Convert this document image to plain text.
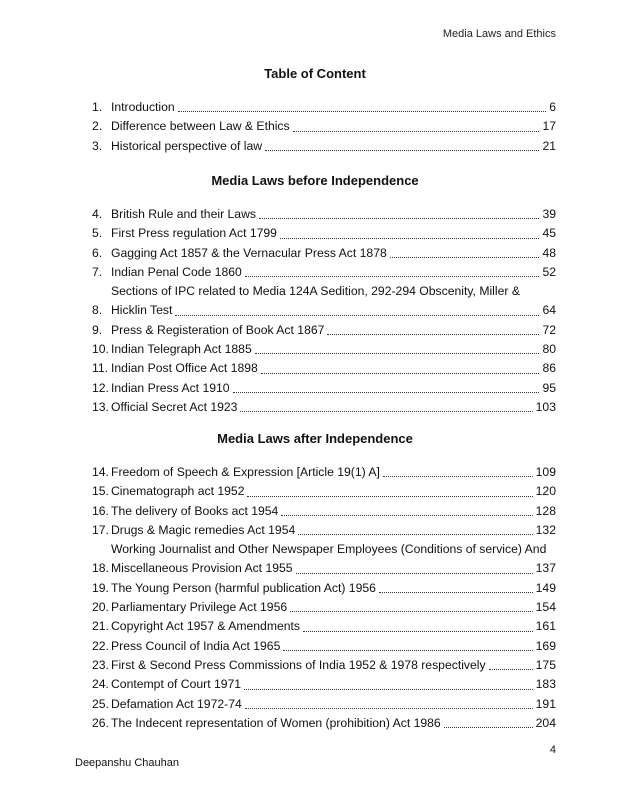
Media Laws and Ethics
Table of Content
1. Introduction	6
2. Difference between Law & Ethics	17
3. Historical perspective of law	21
Media Laws before Independence
4. British Rule and their Laws	39
5. First Press regulation Act 1799	45
6. Gagging Act 1857 & the Vernacular Press Act 1878	48
7. Indian Penal Code 1860	52
8.
Sections of IPC related to Media 124A Sedition, 292-294 Obscenity, Miller &
Hicklin Test	64
9. Press & Registeration of Book Act 1867	72
10. Indian Telegraph Act 1885	80
11. Indian Post Office Act 1898	86
12. Indian Press Act 1910	95
13. Official Secret Act 1923	103
Media Laws after Independence
14. Freedom of Speech & Expression [Article 19(1) A]	109
15. Cinematograph act 1952	120
16. The delivery of Books act 1954	128
17. Drugs & Magic remedies Act 1954	132
18.
Working Journalist and Other Newspaper Employees (Conditions of service) And
Miscellaneous Provision Act 1955	137
19. The Young Person (harmful publication Act) 1956	149
20. Parliamentary Privilege Act 1956	154
21. Copyright Act 1957 & Amendments	161
22. Press Council of India Act 1965	169
23. First & Second Press Commissions of India 1952 & 1978 respectively	175
24. Contempt of Court 1971	183
25. Defamation Act 1972-74	191
26. The Indecent representation of Women (prohibition) Act 1986	204
4
Deepanshu Chauhan
